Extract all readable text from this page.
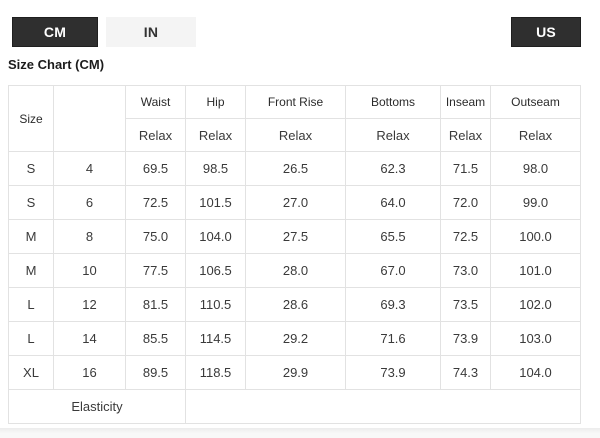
CM	IN	US
Size Chart (CM)
Size	US Size	Waist	Hip	Front Rise	Bottoms	Inseam	Outseam
		Relax	Relax	Relax	Relax	Relax	Relax
S	4	69.5	98.5	26.5	62.3	71.5	98.0
S	6	72.5	101.5	27.0	64.0	72.0	99.0
M	8	75.0	104.0	27.5	65.5	72.5	100.0
M	10	77.5	106.5	28.0	67.0	73.0	101.0
L	12	81.5	110.5	28.6	69.3	73.5	102.0
L	14	85.5	114.5	29.2	71.6	73.9	103.0
XL	16	89.5	118.5	29.9	73.9	74.3	104.0
Elasticity							
